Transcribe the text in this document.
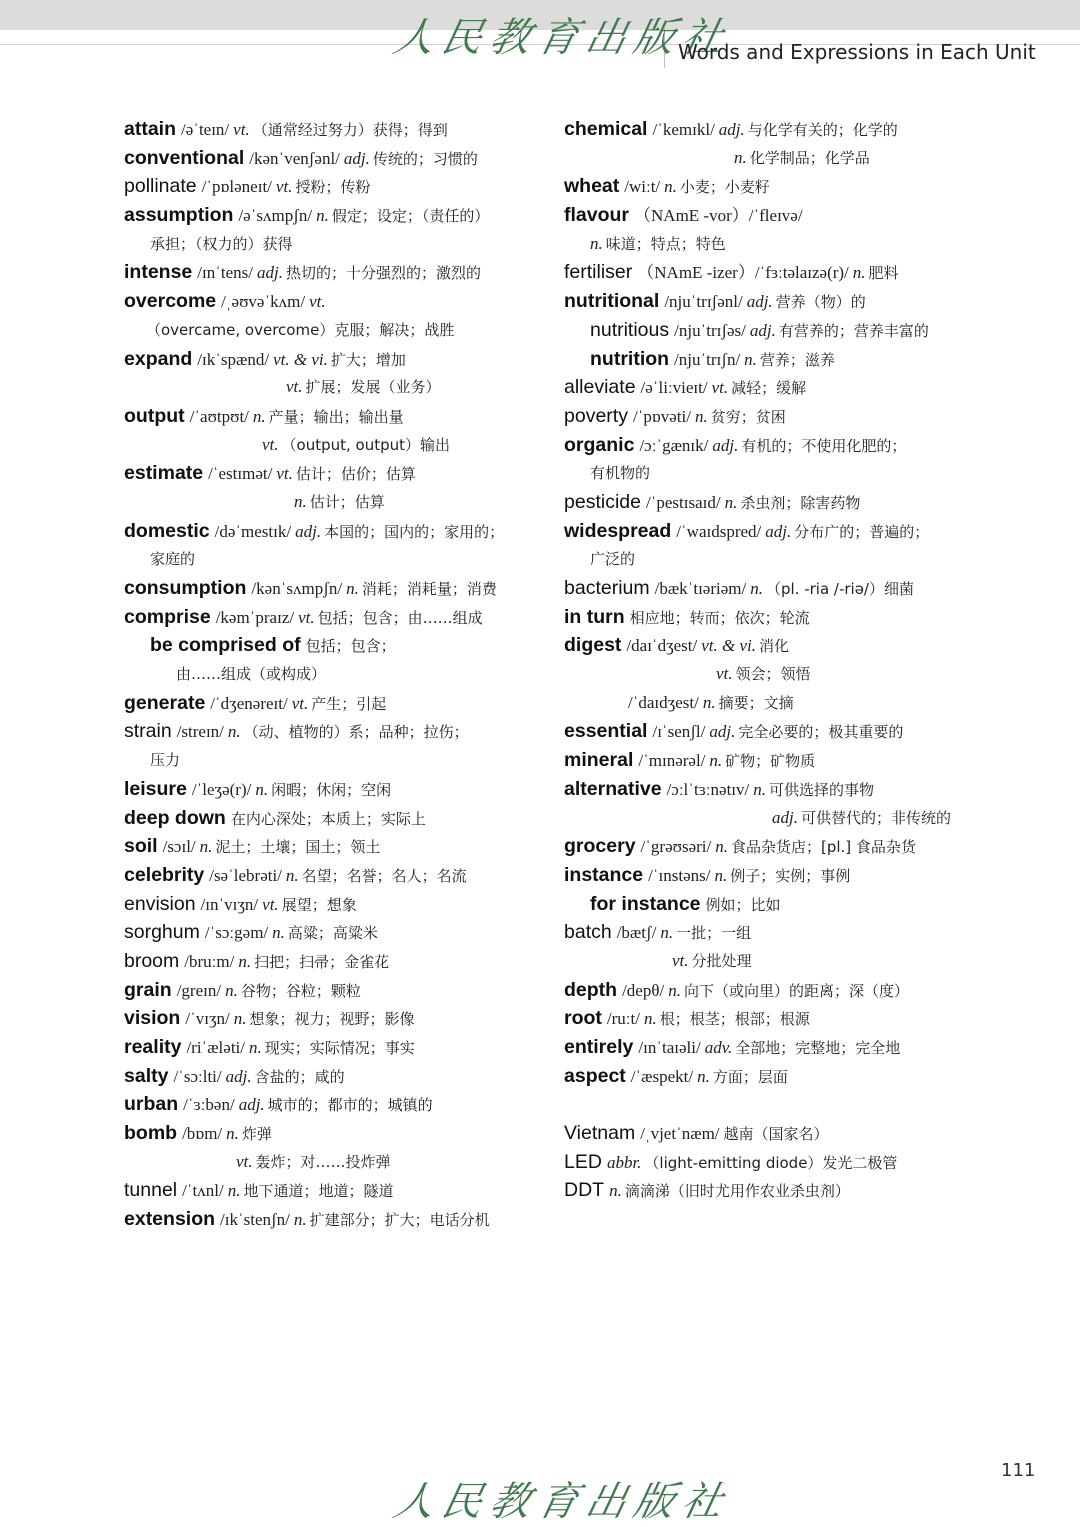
人民教育出版社
Words and Expressions in Each Unit
attain /əˈteɪn/ vt. （通常经过努力）获得；得到
conventional /kənˈvenʃənl/ adj. 传统的；习惯的
pollinate /ˈpɒləneɪt/ vt. 授粉；传粉
assumption /əˈsʌmpʃn/ n. 假定；设定；（责任的）
承担；（权力的）获得
intense /ɪnˈtens/ adj. 热切的；十分强烈的；激烈的
overcome /ˌəʊvəˈkʌm/ vt.
（overcame, overcome）克服；解决；战胜
expand /ɪkˈspænd/ vt. & vi. 扩大；增加
vt. 扩展；发展（业务）
output /ˈaʊtpʊt/ n. 产量；输出；输出量
vt. （output, output）输出
estimate /ˈestɪmət/ vt. 估计；估价；估算
n. 估计；估算
domestic /dəˈmestɪk/ adj. 本国的；国内的；家用的；
家庭的
consumption /kənˈsʌmpʃn/ n. 消耗；消耗量；消费
comprise /kəmˈpraɪz/ vt. 包括；包含；由……组成
be comprised of 包括；包含；
由……组成（或构成）
generate /ˈdʒenəreɪt/ vt. 产生；引起
strain /streɪn/ n. （动、植物的）系；品种；拉伤；
压力
leisure /ˈleʒə(r)/ n. 闲暇；休闲；空闲
deep down 在内心深处；本质上；实际上
soil /sɔɪl/ n. 泥土；土壤；国土；领土
celebrity /səˈlebrəti/ n. 名望；名誉；名人；名流
envision /ɪnˈvɪʒn/ vt. 展望；想象
sorghum /ˈsɔːgəm/ n. 高粱；高粱米
broom /bruːm/ n. 扫把；扫帚；金雀花
grain /greɪn/ n. 谷物；谷粒；颗粒
vision /ˈvɪʒn/ n. 想象；视力；视野；影像
reality /riˈæləti/ n. 现实；实际情况；事实
salty /ˈsɔːlti/ adj. 含盐的；咸的
urban /ˈɜːbən/ adj. 城市的；都市的；城镇的
bomb /bɒm/ n. 炸弹
vt. 轰炸；对……投炸弹
tunnel /ˈtʌnl/ n. 地下通道；地道；隧道
extension /ɪkˈstenʃn/ n. 扩建部分；扩大；电话分机
chemical /ˈkemɪkl/ adj. 与化学有关的；化学的
n. 化学制品；化学品
wheat /wiːt/ n. 小麦；小麦籽
flavour （NAmE -vor）/ˈfleɪvə/
n. 味道；特点；特色
fertiliser （NAmE -izer）/ˈfɜːtəlaɪzə(r)/ n. 肥料
nutritional /njuˈtrɪʃənl/ adj. 营养（物）的
nutritious /njuˈtrɪʃəs/ adj. 有营养的；营养丰富的
nutrition /njuˈtrɪʃn/ n. 营养；滋养
alleviate /əˈliːvieɪt/ vt. 减轻；缓解
poverty /ˈpɒvəti/ n. 贫穷；贫困
organic /ɔːˈgænɪk/ adj. 有机的；不使用化肥的；
有机物的
pesticide /ˈpestɪsaɪd/ n. 杀虫剂；除害药物
widespread /ˈwaɪdspred/ adj. 分布广的；普遍的；
广泛的
bacterium /bækˈtɪəriəm/ n. （pl. -ria /-riə/）细菌
in turn 相应地；转而；依次；轮流
digest /daɪˈdʒest/ vt. & vi. 消化
vt. 领会；领悟
/ˈdaɪdʒest/ n. 摘要；文摘
essential /ɪˈsenʃl/ adj. 完全必要的；极其重要的
mineral /ˈmɪnərəl/ n. 矿物；矿物质
alternative /ɔːlˈtɜːnətɪv/ n. 可供选择的事物
adj. 可供替代的；非传统的
grocery /ˈgrəʊsəri/ n. 食品杂货店；[pl.] 食品杂货
instance /ˈɪnstəns/ n. 例子；实例；事例
for instance 例如；比如
batch /bætʃ/ n. 一批；一组
vt. 分批处理
depth /depθ/ n. 向下（或向里）的距离；深（度）
root /ruːt/ n. 根；根茎；根部；根源
entirely /ɪnˈtaɪəli/ adv. 全部地；完整地；完全地
aspect /ˈæspekt/ n. 方面；层面
Vietnam /ˌvjetˈnæm/ 越南（国家名）
LED abbr. （light-emitting diode）发光二极管
DDT n. 滴滴涕（旧时尤用作农业杀虫剂）
111
人民教育出版社
